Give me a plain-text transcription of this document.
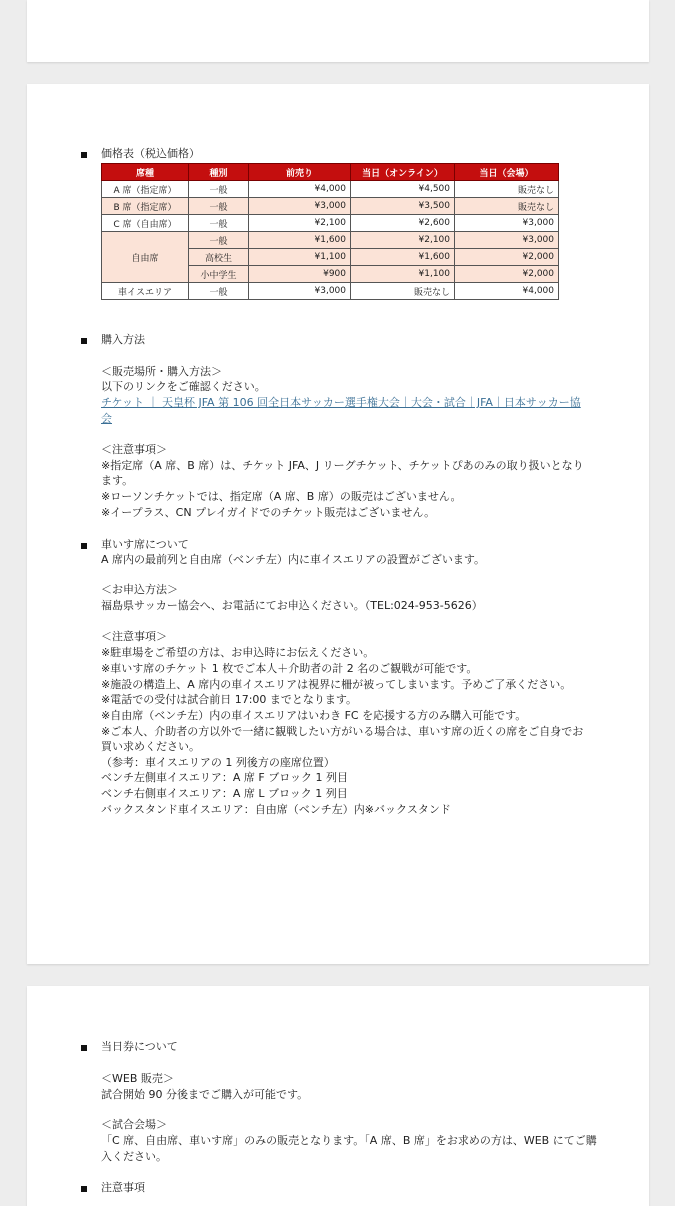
価格表（税込価格）
席種	種別	前売り	当日（オンライン）	当日（会場）
A 席（指定席）	一般	¥4,000	¥4,500	販売なし
B 席（指定席）	一般	¥3,000	¥3,500	販売なし
C 席（自由席）	一般	¥2,100	¥2,600	¥3,000
自由席	一般	¥1,600	¥2,100	¥3,000
	高校生	¥1,100	¥1,600	¥2,000
	小中学生	¥900	¥1,100	¥2,000
車イスエリア	一般	¥3,000	販売なし	¥4,000
購入方法
＜販売場所・購入方法＞
以下のリンクをご確認ください。
チケット ｜ 天皇杯 JFA 第 106 回全日本サッカー選手権大会｜大会・試合｜JFA｜日本サッカー協
会
＜注意事項＞
※指定席（A 席、B 席）は、チケット JFA、J リーグチケット、チケットぴあのみの取り扱いとなり
ます。
※ローソンチケットでは、指定席（A 席、B 席）の販売はございません。
※イープラス、CN プレイガイドでのチケット販売はございません。
車いす席について
A 席内の最前列と自由席（ベンチ左）内に車イスエリアの設置がございます。
＜お申込方法＞
福島県サッカー協会へ、お電話にてお申込ください。（TEL:024-953-5626）
＜注意事項＞
※駐車場をご希望の方は、お申込時にお伝えください。
※車いす席のチケット 1 枚でご本人＋介助者の計 2 名のご観戦が可能です。
※施設の構造上、A 席内の車イスエリアは視界に柵が被ってしまいます。予めご了承ください。
※電話での受付は試合前日 17:00 までとなります。
※自由席（ベンチ左）内の車イスエリアはいわき FC を応援する方のみ購入可能です。
※ご本人、介助者の方以外で一緒に観戦したい方がいる場合は、車いす席の近くの席をご自身でお
買い求めください。
（参考：車イスエリアの 1 列後方の座席位置）
ベンチ左側車イスエリア：A 席 F ブロック 1 列目
ベンチ右側車イスエリア：A 席 L ブロック 1 列目
バックスタンド車イスエリア：自由席（ベンチ左）内※バックスタンド
当日券について
＜WEB 販売＞
試合開始 90 分後までご購入が可能です。
＜試合会場＞
「C 席、自由席、車いす席」のみの販売となります。「A 席、B 席」をお求めの方は、WEB にてご購
入ください。
注意事項
